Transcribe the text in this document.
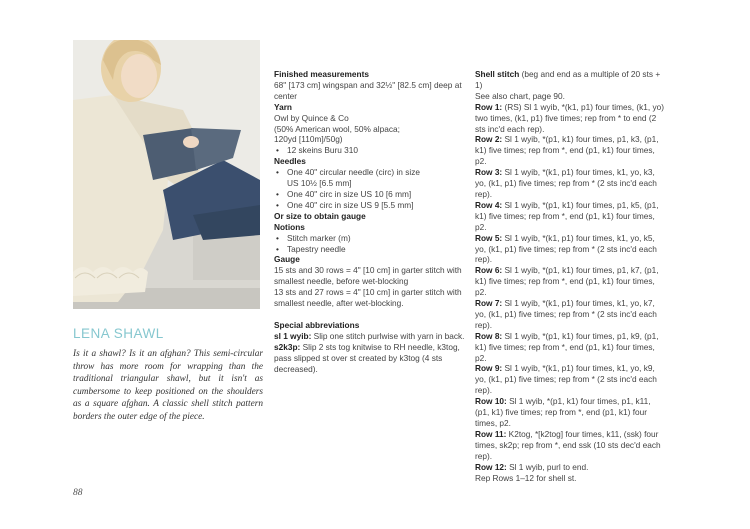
LENA SHAWL
Is it a shawl? Is it an afghan? This semi-circular throw has more room for wrapping than the traditional triangular shawl, but it isn't as cumbersome to keep positioned on the shoulders as a square afghan. A classic shell stitch pattern borders the outer edge of the piece.
88
Finished measurements
68" [173 cm] wingspan and 32½" [82.5 cm] deep at center
Yarn
Owl by Quince & Co
(50% American wool, 50% alpaca;
120yd [110m]/50g)
• 12 skeins Buru 310
Needles
• One 40" circular needle (circ) in size
US 10½ [6.5 mm]
• One 40" circ in size US 10 [6 mm]
• One 40" circ in size US 9 [5.5 mm]
Or size to obtain gauge
Notions
• Stitch marker (m)
• Tapestry needle
Gauge
15 sts and 30 rows = 4" [10 cm] in garter stitch with smallest needle, before wet-blocking
13 sts and 27 rows = 4" [10 cm] in garter stitch with smallest needle, after wet-blocking.
Special abbreviations
sl 1 wyib: Slip one stitch purlwise with yarn in back.
s2k3p: Slip 2 sts tog knitwise to RH needle, k3tog, pass slipped st over st created by k3tog (4 sts decreased).
Shell stitch (beg and end as a multiple of 20 sts + 1)
See also chart, page 90.
Row 1: (RS) Sl 1 wyib, *(k1, p1) four times, (k1, yo) two times, (k1, p1) five times; rep from * to end (2 sts inc'd each rep).
Row 2: Sl 1 wyib, *(p1, k1) four times, p1, k3, (p1, k1) five times; rep from *, end (p1, k1) four times, p2.
Row 3: Sl 1 wyib, *(k1, p1) four times, k1, yo, k3, yo, (k1, p1) five times; rep from * (2 sts inc'd each rep).
Row 4: Sl 1 wyib, *(p1, k1) four times, p1, k5, (p1, k1) five times; rep from *, end (p1, k1) four times, p2.
Row 5: Sl 1 wyib, *(k1, p1) four times, k1, yo, k5, yo, (k1, p1) five times; rep from * (2 sts inc'd each rep).
Row 6: Sl 1 wyib, *(p1, k1) four times, p1, k7, (p1, k1) five times; rep from *, end (p1, k1) four times, p2.
Row 7: Sl 1 wyib, *(k1, p1) four times, k1, yo, k7, yo, (k1, p1) five times; rep from * (2 sts inc'd each rep).
Row 8: Sl 1 wyib, *(p1, k1) four times, p1, k9, (p1, k1) five times; rep from *, end (p1, k1) four times, p2.
Row 9: Sl 1 wyib, *(k1, p1) four times, k1, yo, k9, yo, (k1, p1) five times; rep from * (2 sts inc'd each rep).
Row 10: Sl 1 wyib, *(p1, k1) four times, p1, k11, (p1, k1) five times; rep from *, end (p1, k1) four times, p2.
Row 11: K2tog, *[k2tog] four times, k11, (ssk) four times, sk2p; rep from *, end ssk (10 sts dec'd each rep).
Row 12: Sl 1 wyib, purl to end.
Rep Rows 1–12 for shell st.
